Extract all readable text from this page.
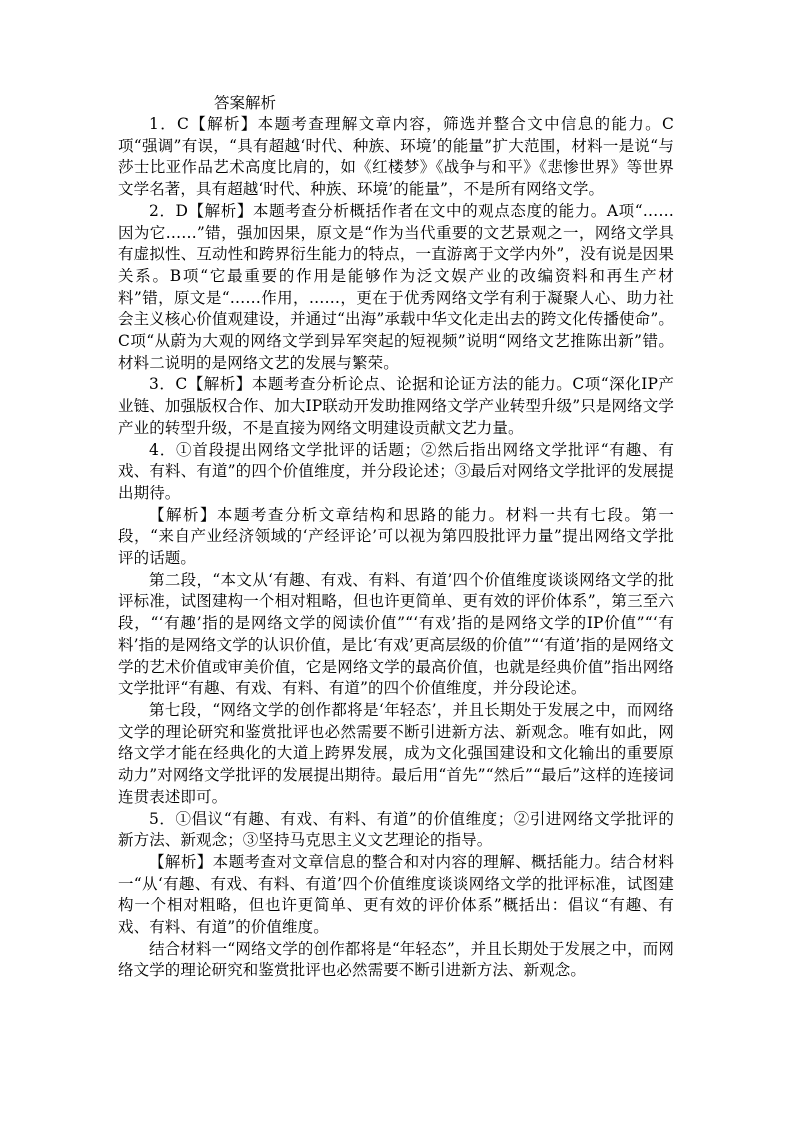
答案解析

1．C【解析】本题考查理解文章内容，筛选并整合文中信息的能力。C项“强调”有误，“具有超越‘时代、种族、环境’的能量”扩大范围，材料一是说“与莎士比亚作品艺术高度比肩的，如《红楼梦》《战争与和平》《悲惨世界》等世界文学名著，具有超越‘时代、种族、环境’的能量”，不是所有网络文学。

2．D【解析】本题考查分析概括作者在文中的观点态度的能力。A项“……因为它……”错，强加因果，原文是“作为当代重要的文艺景观之一，网络文学具有虚拟性、互动性和跨界衍生能力的特点，一直游离于文学内外”，没有说是因果关系。B项“它最重要的作用是能够作为泛文娱产业的改编资料和再生产材料”错，原文是“……作用，……，更在于优秀网络文学有利于凝聚人心、助力社会主义核心价值观建设，并通过“出海”承载中华文化走出去的跨文化传播使命”。C项“从蔚为大观的网络文学到异军突起的短视频”说明“网络文艺推陈出新”错。材料二说明的是网络文艺的发展与繁荣。

3．C【解析】本题考查分析论点、论据和论证方法的能力。C项“深化IP产业链、加强版权合作、加大IP联动开发助推网络文学产业转型升级”只是网络文学产业的转型升级，不是直接为网络文明建设贡献文艺力量。

4．①首段提出网络文学批评的话题；②然后指出网络文学批评“有趣、有戏、有料、有道”的四个价值维度，并分段论述；③最后对网络文学批评的发展提出期待。

【解析】本题考查分析文章结构和思路的能力。材料一共有七段。第一段，“来自产业经济领域的‘产经评论’可以视为第四股批评力量”提出网络文学批评的话题。

第二段，“本文从‘有趣、有戏、有料、有道’四个价值维度谈谈网络文学的批评标准，试图建构一个相对粗略，但也许更简单、更有效的评价体系”，第三至六段，“‘有趣’指的是网络文学的阅读价值”“‘有戏’指的是网络文学的IP价值”“‘有料’指的是网络文学的认识价值，是比‘有戏’更高层级的价值”“‘有道’指的是网络文学的艺术价值或审美价值，它是网络文学的最高价值，也就是经典价值”指出网络文学批评“有趣、有戏、有料、有道”的四个价值维度，并分段论述。

第七段，“网络文学的创作都将是‘年轻态’，并且长期处于发展之中，而网络文学的理论研究和鉴赏批评也必然需要不断引进新方法、新观念。唯有如此，网络文学才能在经典化的大道上跨界发展，成为文化强国建设和文化输出的重要原动力”对网络文学批评的发展提出期待。最后用“首先”“然后”“最后”这样的连接词连贯表述即可。

5．①倡议“有趣、有戏、有料、有道”的价值维度；②引进网络文学批评的新方法、新观念；③坚持马克思主义文艺理论的指导。

【解析】本题考查对文章信息的整合和对内容的理解、概括能力。结合材料一“从‘有趣、有戏、有料、有道’四个价值维度谈谈网络文学的批评标准，试图建构一个相对粗略，但也许更简单、更有效的评价体系”概括出：倡议“有趣、有戏、有料、有道”的价值维度。

结合材料一“网络文学的创作都将是“年轻态”，并且长期处于发展之中，而网络文学的理论研究和鉴赏批评也必然需要不断引进新方法、新观念。
